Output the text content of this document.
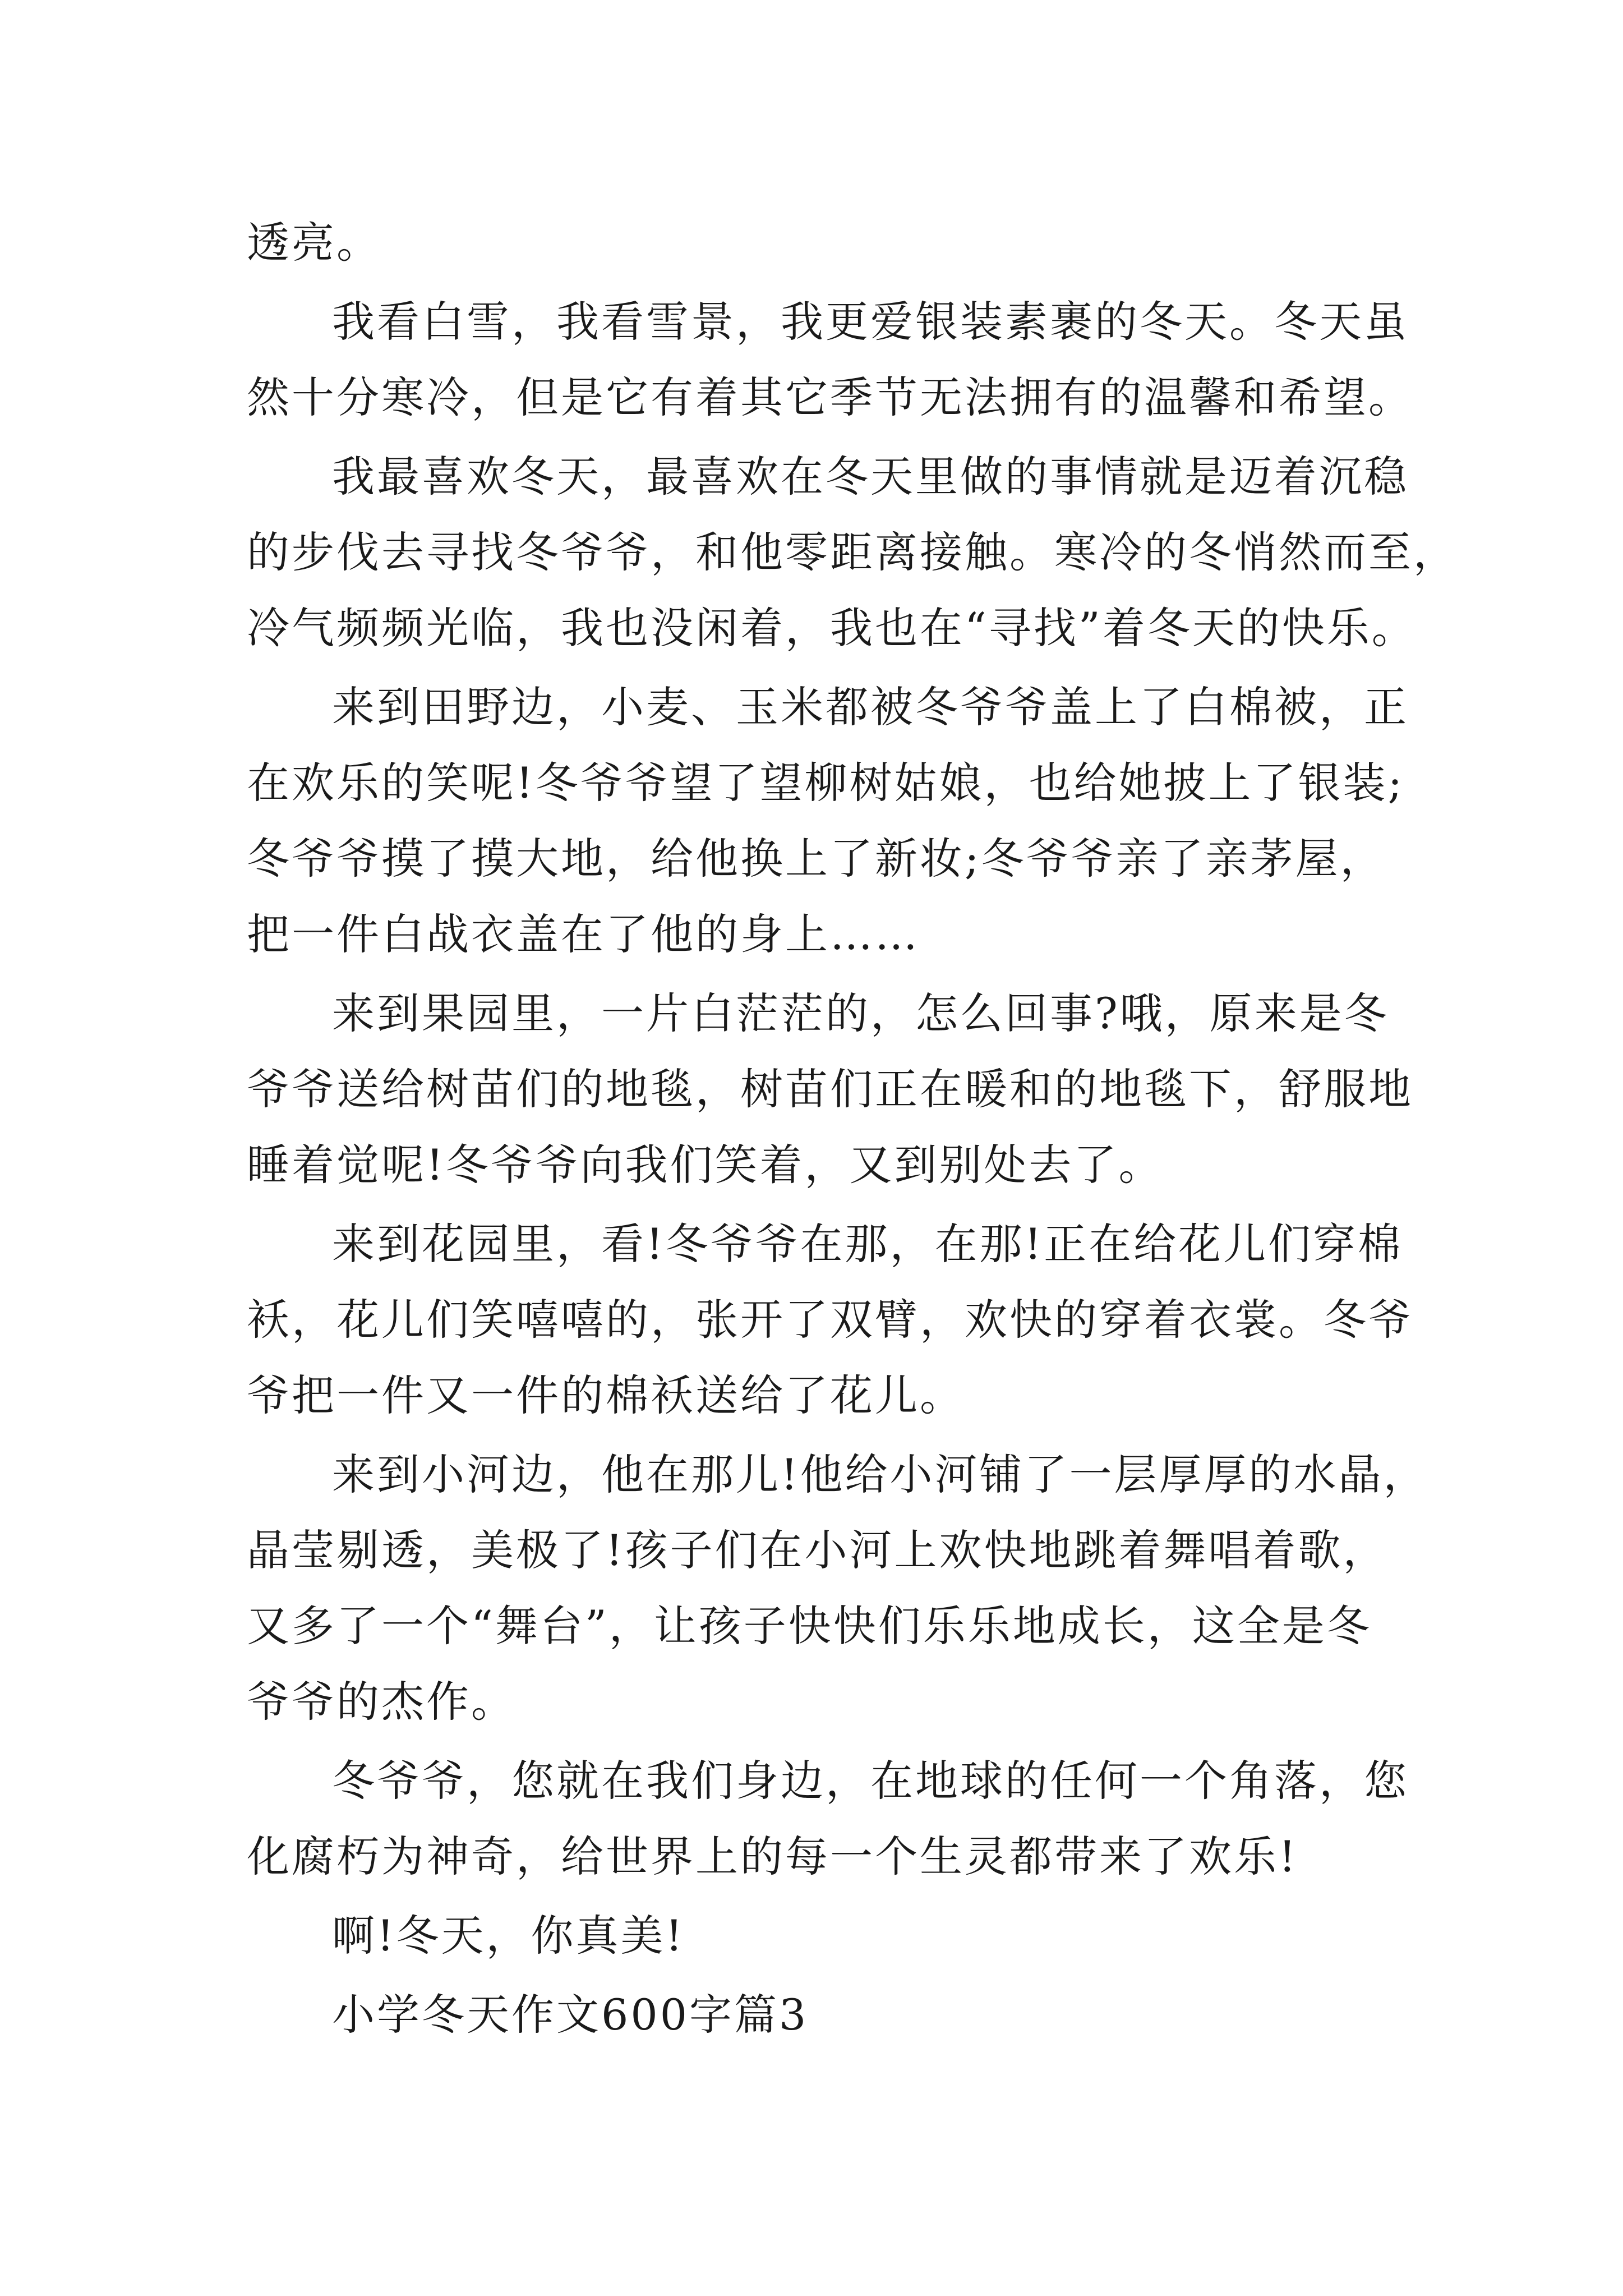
透亮。

我看白雪，我看雪景，我更爱银装素裹的冬天。冬天虽
然十分寒冷，但是它有着其它季节无法拥有的温馨和希望。

我最喜欢冬天，最喜欢在冬天里做的事情就是迈着沉稳
的步伐去寻找冬爷爷，和他零距离接触。寒冷的冬悄然而至，
冷气频频光临，我也没闲着，我也在“寻找”着冬天的快乐。

来到田野边，小麦、玉米都被冬爷爷盖上了白棉被，正
在欢乐的笑呢!冬爷爷望了望柳树姑娘，也给她披上了银装;
冬爷爷摸了摸大地，给他换上了新妆;冬爷爷亲了亲茅屋，
把一件白战衣盖在了他的身上……

来到果园里，一片白茫茫的，怎么回事?哦，原来是冬
爷爷送给树苗们的地毯，树苗们正在暖和的地毯下，舒服地
睡着觉呢!冬爷爷向我们笑着，又到别处去了。

来到花园里，看!冬爷爷在那，在那!正在给花儿们穿棉
袄，花儿们笑嘻嘻的，张开了双臂，欢快的穿着衣裳。冬爷
爷把一件又一件的棉袄送给了花儿。

来到小河边，他在那儿!他给小河铺了一层厚厚的水晶，
晶莹剔透，美极了!孩子们在小河上欢快地跳着舞唱着歌，
又多了一个“舞台”，让孩子快快们乐乐地成长，这全是冬
爷爷的杰作。

冬爷爷，您就在我们身边，在地球的任何一个角落，您
化腐朽为神奇，给世界上的每一个生灵都带来了欢乐!

啊!冬天，你真美!

小学冬天作文600字篇3
